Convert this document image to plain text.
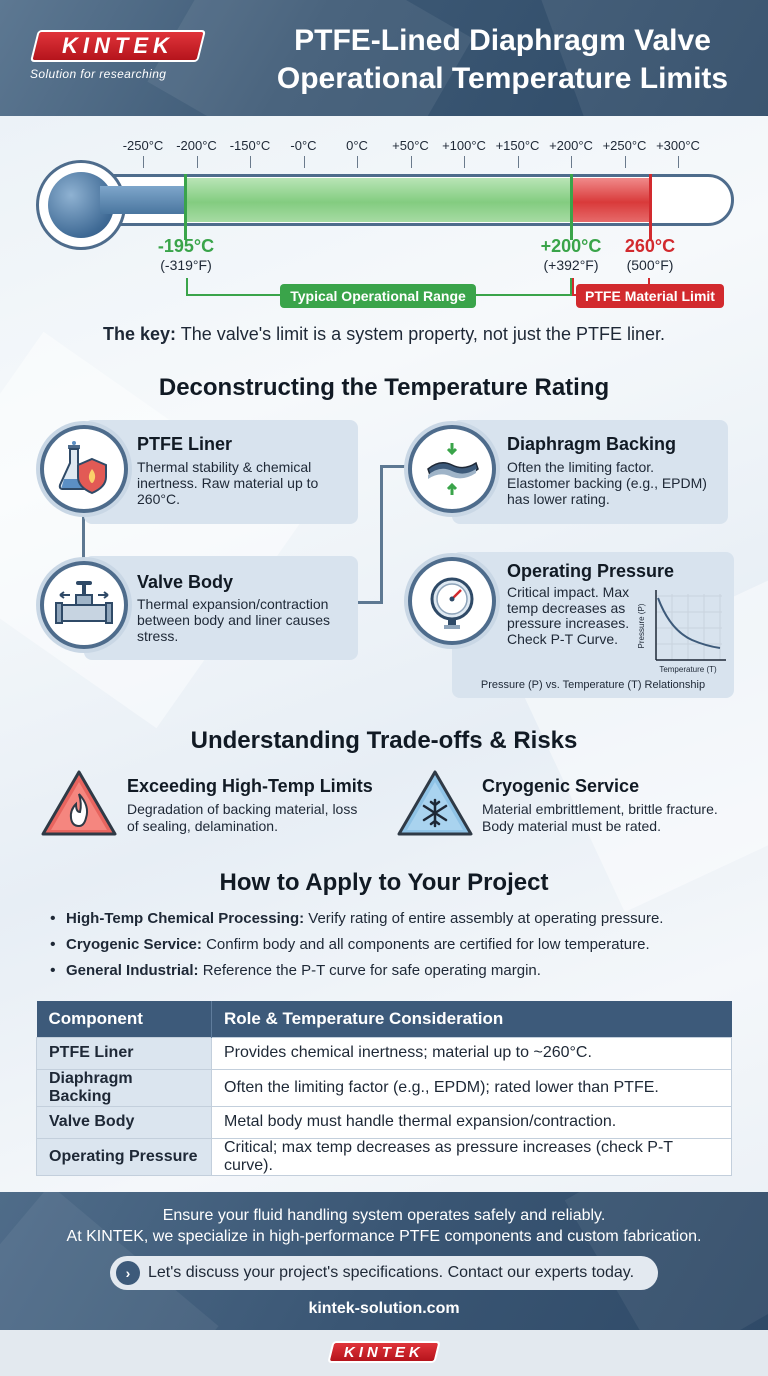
KINTEK
Solution for researching
PTFE-Lined Diaphragm Valve
Operational Temperature Limits
-250°C -200°C -150°C -0°C 0°C +50°C +100°C +150°C +200°C +250°C +300°C
-195°C
(-319°F)
+200°C
(+392°F)
260°C
(500°F)
Typical Operational Range	PTFE Material Limit
The key: The valve's limit is a system property, not just the PTFE liner.
Deconstructing the Temperature Rating
PTFE Liner
Thermal stability & chemical inertness. Raw material up to 260°C.
Valve Body
Thermal expansion/contraction between body and liner causes stress.
Diaphragm Backing
Often the limiting factor. Elastomer backing (e.g., EPDM) has lower rating.
Operating Pressure
Critical impact. Max temp decreases as pressure increases. Check P-T Curve.	Pressure (P)
Temperature (T)
Pressure (P) vs. Temperature (T) Relationship
Understanding Trade-offs & Risks
Exceeding High-Temp Limits
Degradation of backing material, loss of sealing, delamination.
Cryogenic Service
Material embrittlement, brittle fracture. Body material must be rated.
How to Apply to Your Project
• High-Temp Chemical Processing: Verify rating of entire assembly at operating pressure.
• Cryogenic Service: Confirm body and all components are certified for low temperature.
• General Industrial: Reference the P-T curve for safe operating margin.
Component	Role & Temperature Consideration
PTFE Liner	Provides chemical inertness; material up to ~260°C.
Diaphragm Backing	Often the limiting factor (e.g., EPDM); rated lower than PTFE.
Valve Body	Metal body must handle thermal expansion/contraction.
Operating Pressure	Critical; max temp decreases as pressure increases (check P-T curve).
Ensure your fluid handling system operates safely and reliably.
At KINTEK, we specialize in high-performance PTFE components and custom fabrication.
›	Let's discuss your project's specifications. Contact our experts today.
kintek-solution.com
KINTEK
